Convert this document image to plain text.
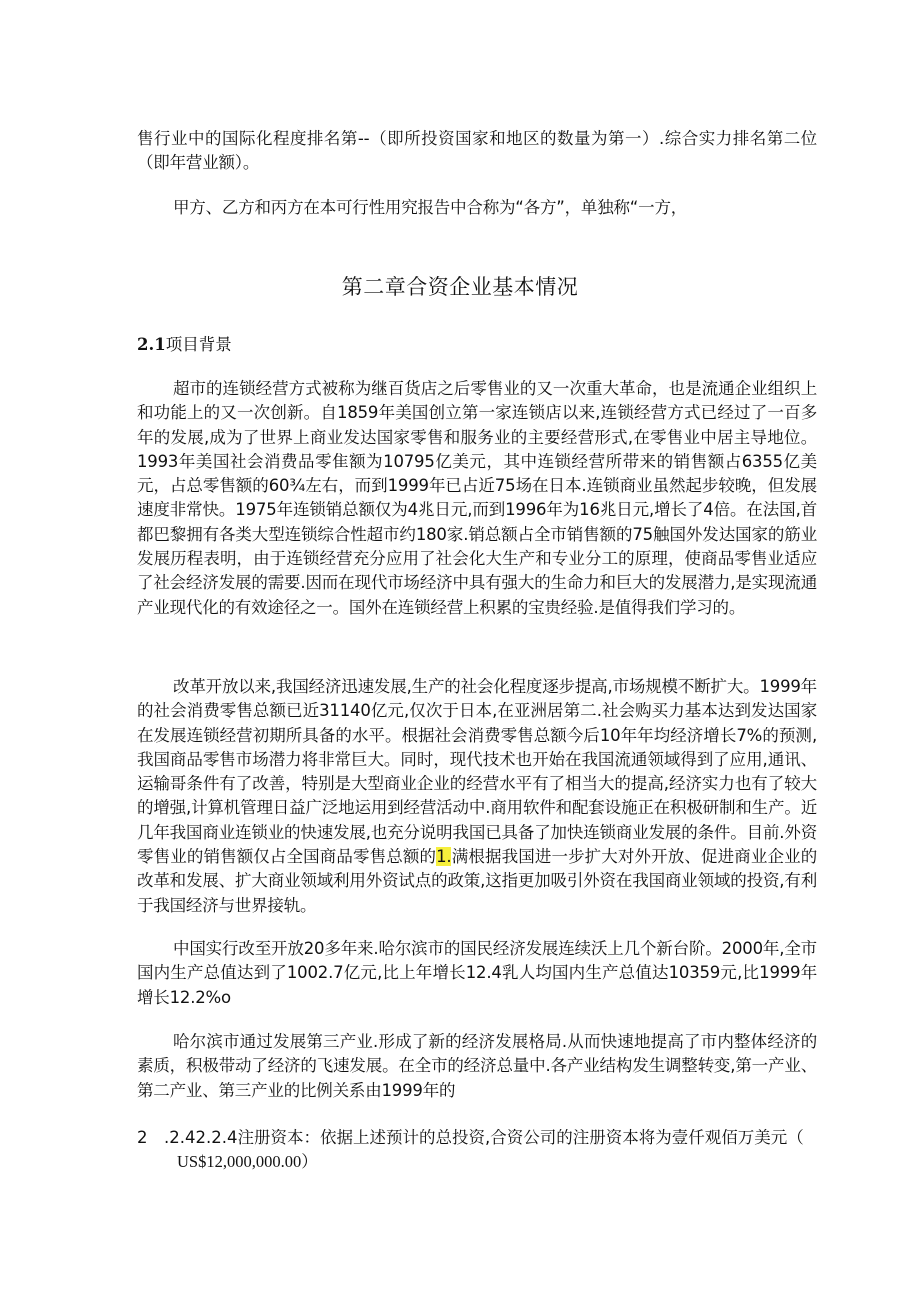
售行业中的国际化程度排名第--（即所投资国家和地区的数量为第一）.综合实力排名第二位（即年营业额）。

甲方、乙方和丙方在本可行性用究报告中合称为“各方”，单独称“一方，

第二章合资企业基本情况
2.1项目背景

超市的连锁经营方式被称为继百货店之后零售业的又一次重大革命，也是流通企业组织上和功能上的又一次创新。自1859年美国创立第一家连锁店以来,连锁经营方式已经过了一百多年的发展,成为了世界上商业发达国家零售和服务业的主要经营形式,在零售业中居主导地位。1993年美国社会消费品零隹额为10795亿美元，其中连锁经营所带来的销售额占6355亿美元，占总零售额的60¾左右，而到1999年已占近75场在日本.连锁商业虽然起步较晚，但发展速度非常快。1975年连锁销总额仅为4兆日元,而到1996年为16兆日元,增长了4倍。在法国,首都巴黎拥有各类大型连锁综合性超市约180家.销总额占全市销售额的75触国外发达国家的筋业发展历程表明，由于连锁经营充分应用了社会化大生产和专业分工的原理，使商品零售业适应了社会经济发展的需要.因而在现代市场经济中具有强大的生命力和巨大的发展潜力,是实现流通产业现代化的有效途径之一。国外在连锁经营上积累的宝贵经验.是值得我们学习的。

改革开放以来,我国经济迅速发展,生产的社会化程度逐步提高,市场规模不断扩大。1999年的社会消费零售总额已近31140亿元,仅次于日本,在亚洲居第二.社会购买力基本达到发达国家在发展连锁经营初期所具备的水平。根据社会消费零售总额今后10年年均经济增长7%的预测,我国商品零售市场潜力将非常巨大。同时，现代技术也开始在我国流通领域得到了应用,通讯、运输哥条件有了改善，特别是大型商业企业的经营水平有了相当大的提高,经济实力也有了较大的增强,计算机管理日益广泛地运用到经营活动中.商用软件和配套设施正在积极研制和生产。近几年我国商业连锁业的快速发展,也充分说明我国已具备了加快连锁商业发展的条件。目前.外资零售业的销售额仅占全国商品零售总额的1.满根据我国进一步扩大对外开放、促进商业企业的改革和发展、扩大商业领域利用外资试点的政策,这指更加吸引外资在我国商业领域的投资,有利于我国经济与世界接轨。

中国实行改至开放20多年来.哈尔滨市的国民经济发展连续沃上几个新台阶。2000年,全市国内生产总值达到了1002.7亿元,比上年增长12.4乳人均国内生产总值达10359元,比1999年增长12.2%o

哈尔滨市通过发展第三产业.形成了新的经济发展格局.从而快速地提高了市内整体经济的素质，积极带动了经济的飞速发展。在全市的经济总量中.各产业结构发生调整转变,第一产业、第二产业、第三产业的比例关系由1999年的

2　.2.42.2.4注册资本：依据上述预计的总投资,合资公司的注册资本将为壹仟观佰万美元（
US$12,000,000.00）
